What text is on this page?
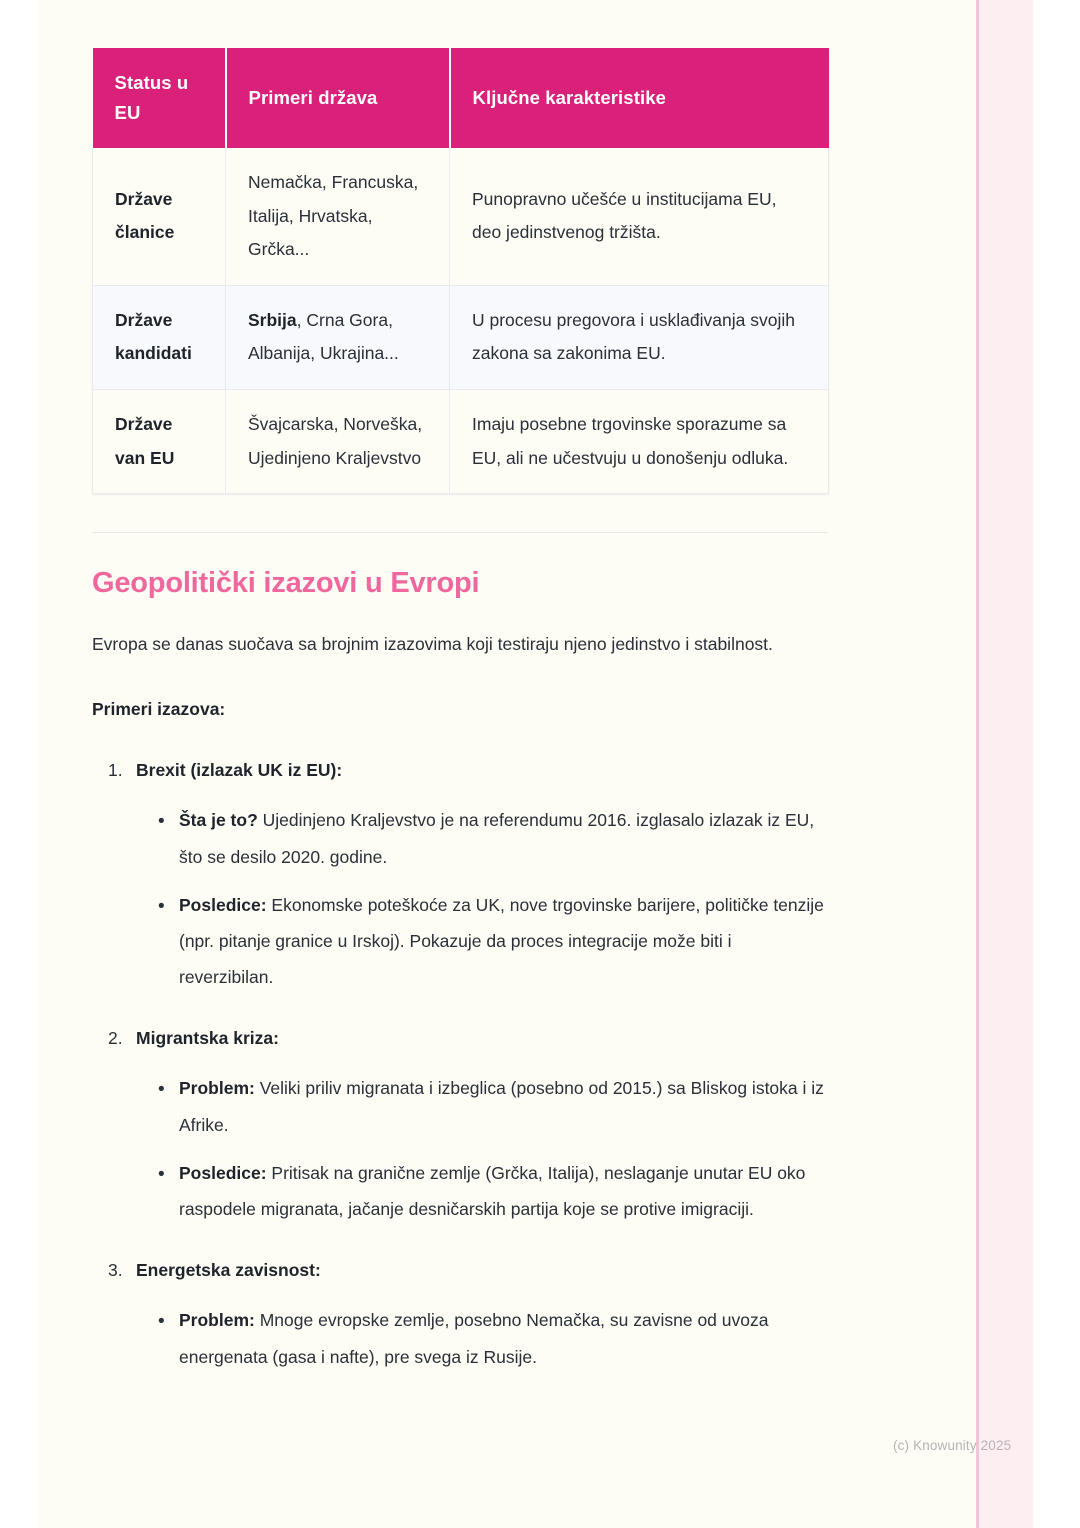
Status u EU	Primeri država	Ključne karakteristike
Države članice	Nemačka, Francuska, Italija, Hrvatska, Grčka...	Punopravno učešće u institucijama EU, deo jedinstvenog tržišta.
Države kandidati	Srbija, Crna Gora, Albanija, Ukrajina...	U procesu pregovora i usklađivanja svojih zakona sa zakonima EU.
Države van EU	Švajcarska, Norveška, Ujedinjeno Kraljevstvo	Imaju posebne trgovinske sporazume sa EU, ali ne učestvuju u donošenju odluka.
Geopolitički izazovi u Evropi

Evropa se danas suočava sa brojnim izazovima koji testiraju njeno jedinstvo i stabilnost.

Primeri izazova:

Brexit (izlazak UK iz EU):
• Šta je to? Ujedinjeno Kraljevstvo je na referendumu 2016. izglasalo izlazak iz EU, što se desilo 2020. godine.
• Posledice: Ekonomske poteškoće za UK, nove trgovinske barijere, političke tenzije (npr. pitanje granice u Irskoj). Pokazuje da proces integracije može biti i reverzibilan.
Migrantska kriza:
• Problem: Veliki priliv migranata i izbeglica (posebno od 2015.) sa Bliskog istoka i iz Afrike.
• Posledice: Pritisak na granične zemlje (Grčka, Italija), neslaganje unutar EU oko raspodele migranata, jačanje desničarskih partija koje se protive imigraciji.
Energetska zavisnost:
• Problem: Mnoge evropske zemlje, posebno Nemačka, su zavisne od uvoza energenata (gasa i nafte), pre svega iz Rusije.
(c) Knowunity 2025
